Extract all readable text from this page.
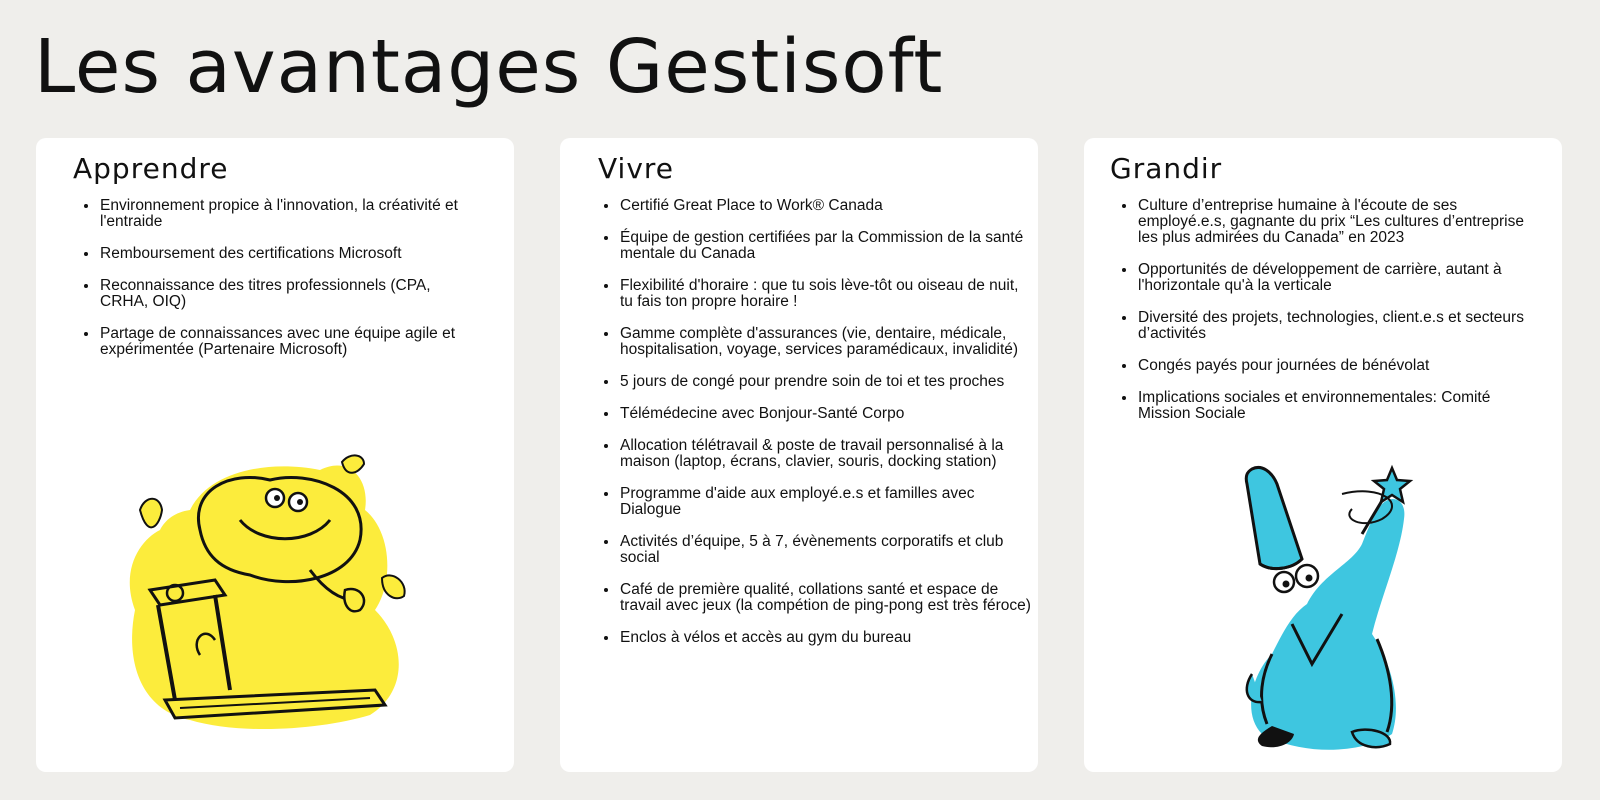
Les avantages Gestisoft
Apprendre
Environnement propice à l'innovation, la créativité et l'entraide
Remboursement des certifications Microsoft
Reconnaissance des titres professionnels (CPA, CRHA, OIQ)
Partage de connaissances avec une équipe agile et expérimentée (Partenaire Microsoft)
Vivre
Certifié Great Place to Work® Canada
Équipe de gestion certifiées par la Commission de la santé mentale du Canada
Flexibilité d'horaire : que tu sois lève-tôt ou oiseau de nuit, tu fais ton propre horaire !
Gamme complète d'assurances (vie, dentaire, médicale, hospitalisation, voyage, services paramédicaux, invalidité)
5 jours de congé pour prendre soin de toi et tes proches
Télémédecine avec Bonjour-Santé Corpo
Allocation télétravail & poste de travail personnalisé à la maison (laptop, écrans, clavier, souris, docking station)
Programme d'aide aux employé.e.s et familles avec Dialogue
Activités d’équipe, 5 à 7, évènements corporatifs et club social
Café de première qualité, collations santé et espace de travail avec jeux (la compétion de ping-pong est très féroce)
Enclos à vélos et accès au gym du bureau
Grandir
Culture d’entreprise humaine à l'écoute de ses employé.e.s, gagnante du prix “Les cultures d’entreprise les plus admirées du Canada” en 2023
Opportunités de développement de carrière, autant à l'horizontale qu'à la verticale
Diversité des projets, technologies, client.e.s et secteurs d’activités
Congés payés pour journées de bénévolat
Implications sociales et environnementales: Comité Mission Sociale
